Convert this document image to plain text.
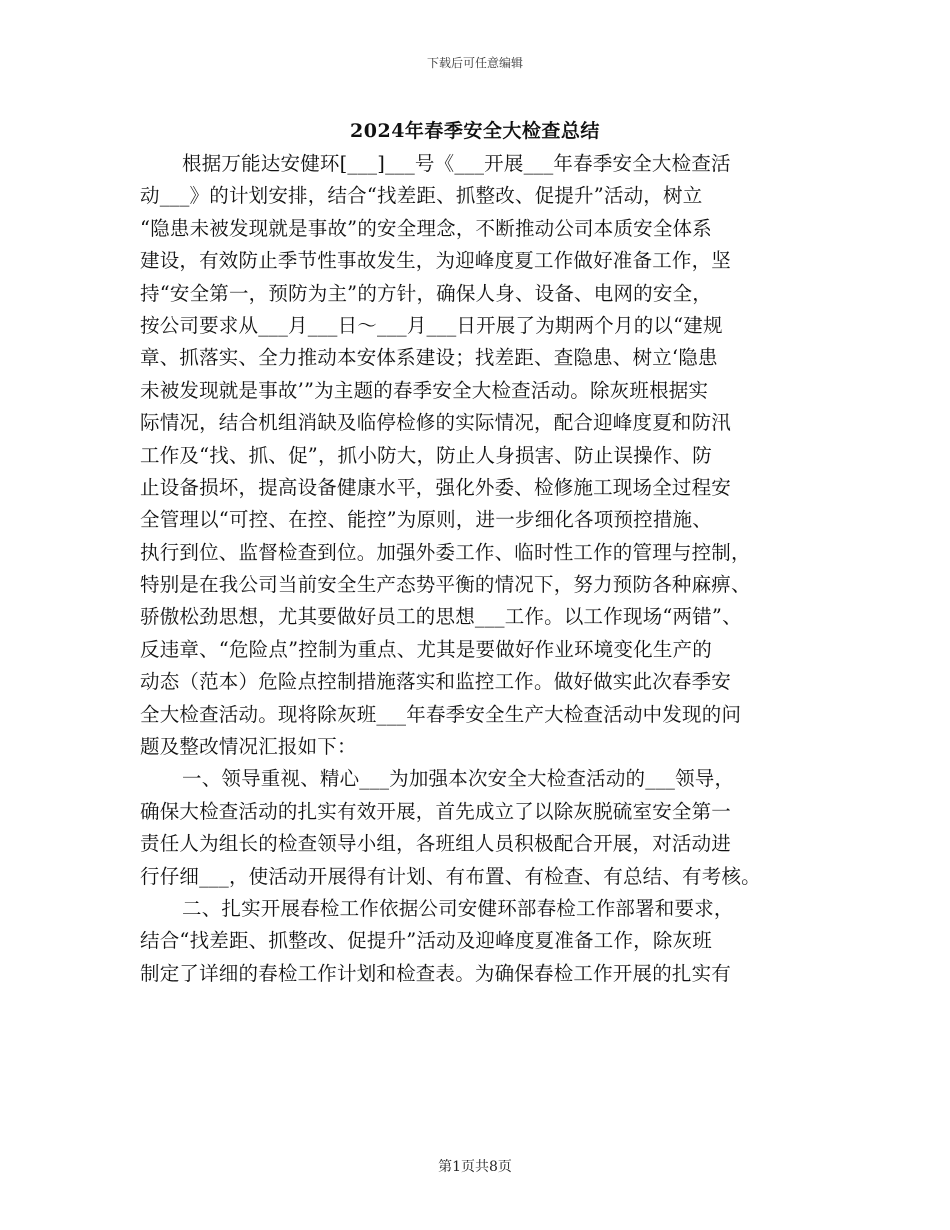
下载后可任意编辑
2024年春季安全大检查总结
根据万能达安健环[___]___号《___开展___年春季安全大检查活
动___》的计划安排，结合“找差距、抓整改、促提升”活动，树立
“隐患未被发现就是事故”的安全理念，不断推动公司本质安全体系
建设，有效防止季节性事故发生，为迎峰度夏工作做好准备工作，坚
持“安全第一，预防为主”的方针，确保人身、设备、电网的安全，
按公司要求从___月___日～___月___日开展了为期两个月的以“建规
章、抓落实、全力推动本安体系建设；找差距、查隐患、树立‘隐患
未被发现就是事故’”为主题的春季安全大检查活动。除灰班根据实
际情况，结合机组消缺及临停检修的实际情况，配合迎峰度夏和防汛
工作及“找、抓、促”，抓小防大，防止人身损害、防止误操作、防
止设备损坏，提高设备健康水平，强化外委、检修施工现场全过程安
全管理以“可控、在控、能控”为原则，进一步细化各项预控措施、
执行到位、监督检查到位。加强外委工作、临时性工作的管理与控制，
特别是在我公司当前安全生产态势平衡的情况下，努力预防各种麻痹、
骄傲松劲思想，尤其要做好员工的思想___工作。以工作现场“两错”、
反违章、“危险点”控制为重点、尤其是要做好作业环境变化生产的
动态（范本）危险点控制措施落实和监控工作。做好做实此次春季安
全大检查活动。现将除灰班___年春季安全生产大检查活动中发现的问
题及整改情况汇报如下：
一、领导重视、精心___为加强本次安全大检查活动的___领导，
确保大检查活动的扎实有效开展，首先成立了以除灰脱硫室安全第一
责任人为组长的检查领导小组，各班组人员积极配合开展，对活动进
行仔细___，使活动开展得有计划、有布置、有检查、有总结、有考核。
二、扎实开展春检工作依据公司安健环部春检工作部署和要求，
结合“找差距、抓整改、促提升”活动及迎峰度夏准备工作，除灰班
制定了详细的春检工作计划和检查表。为确保春检工作开展的扎实有
第1页共8页
